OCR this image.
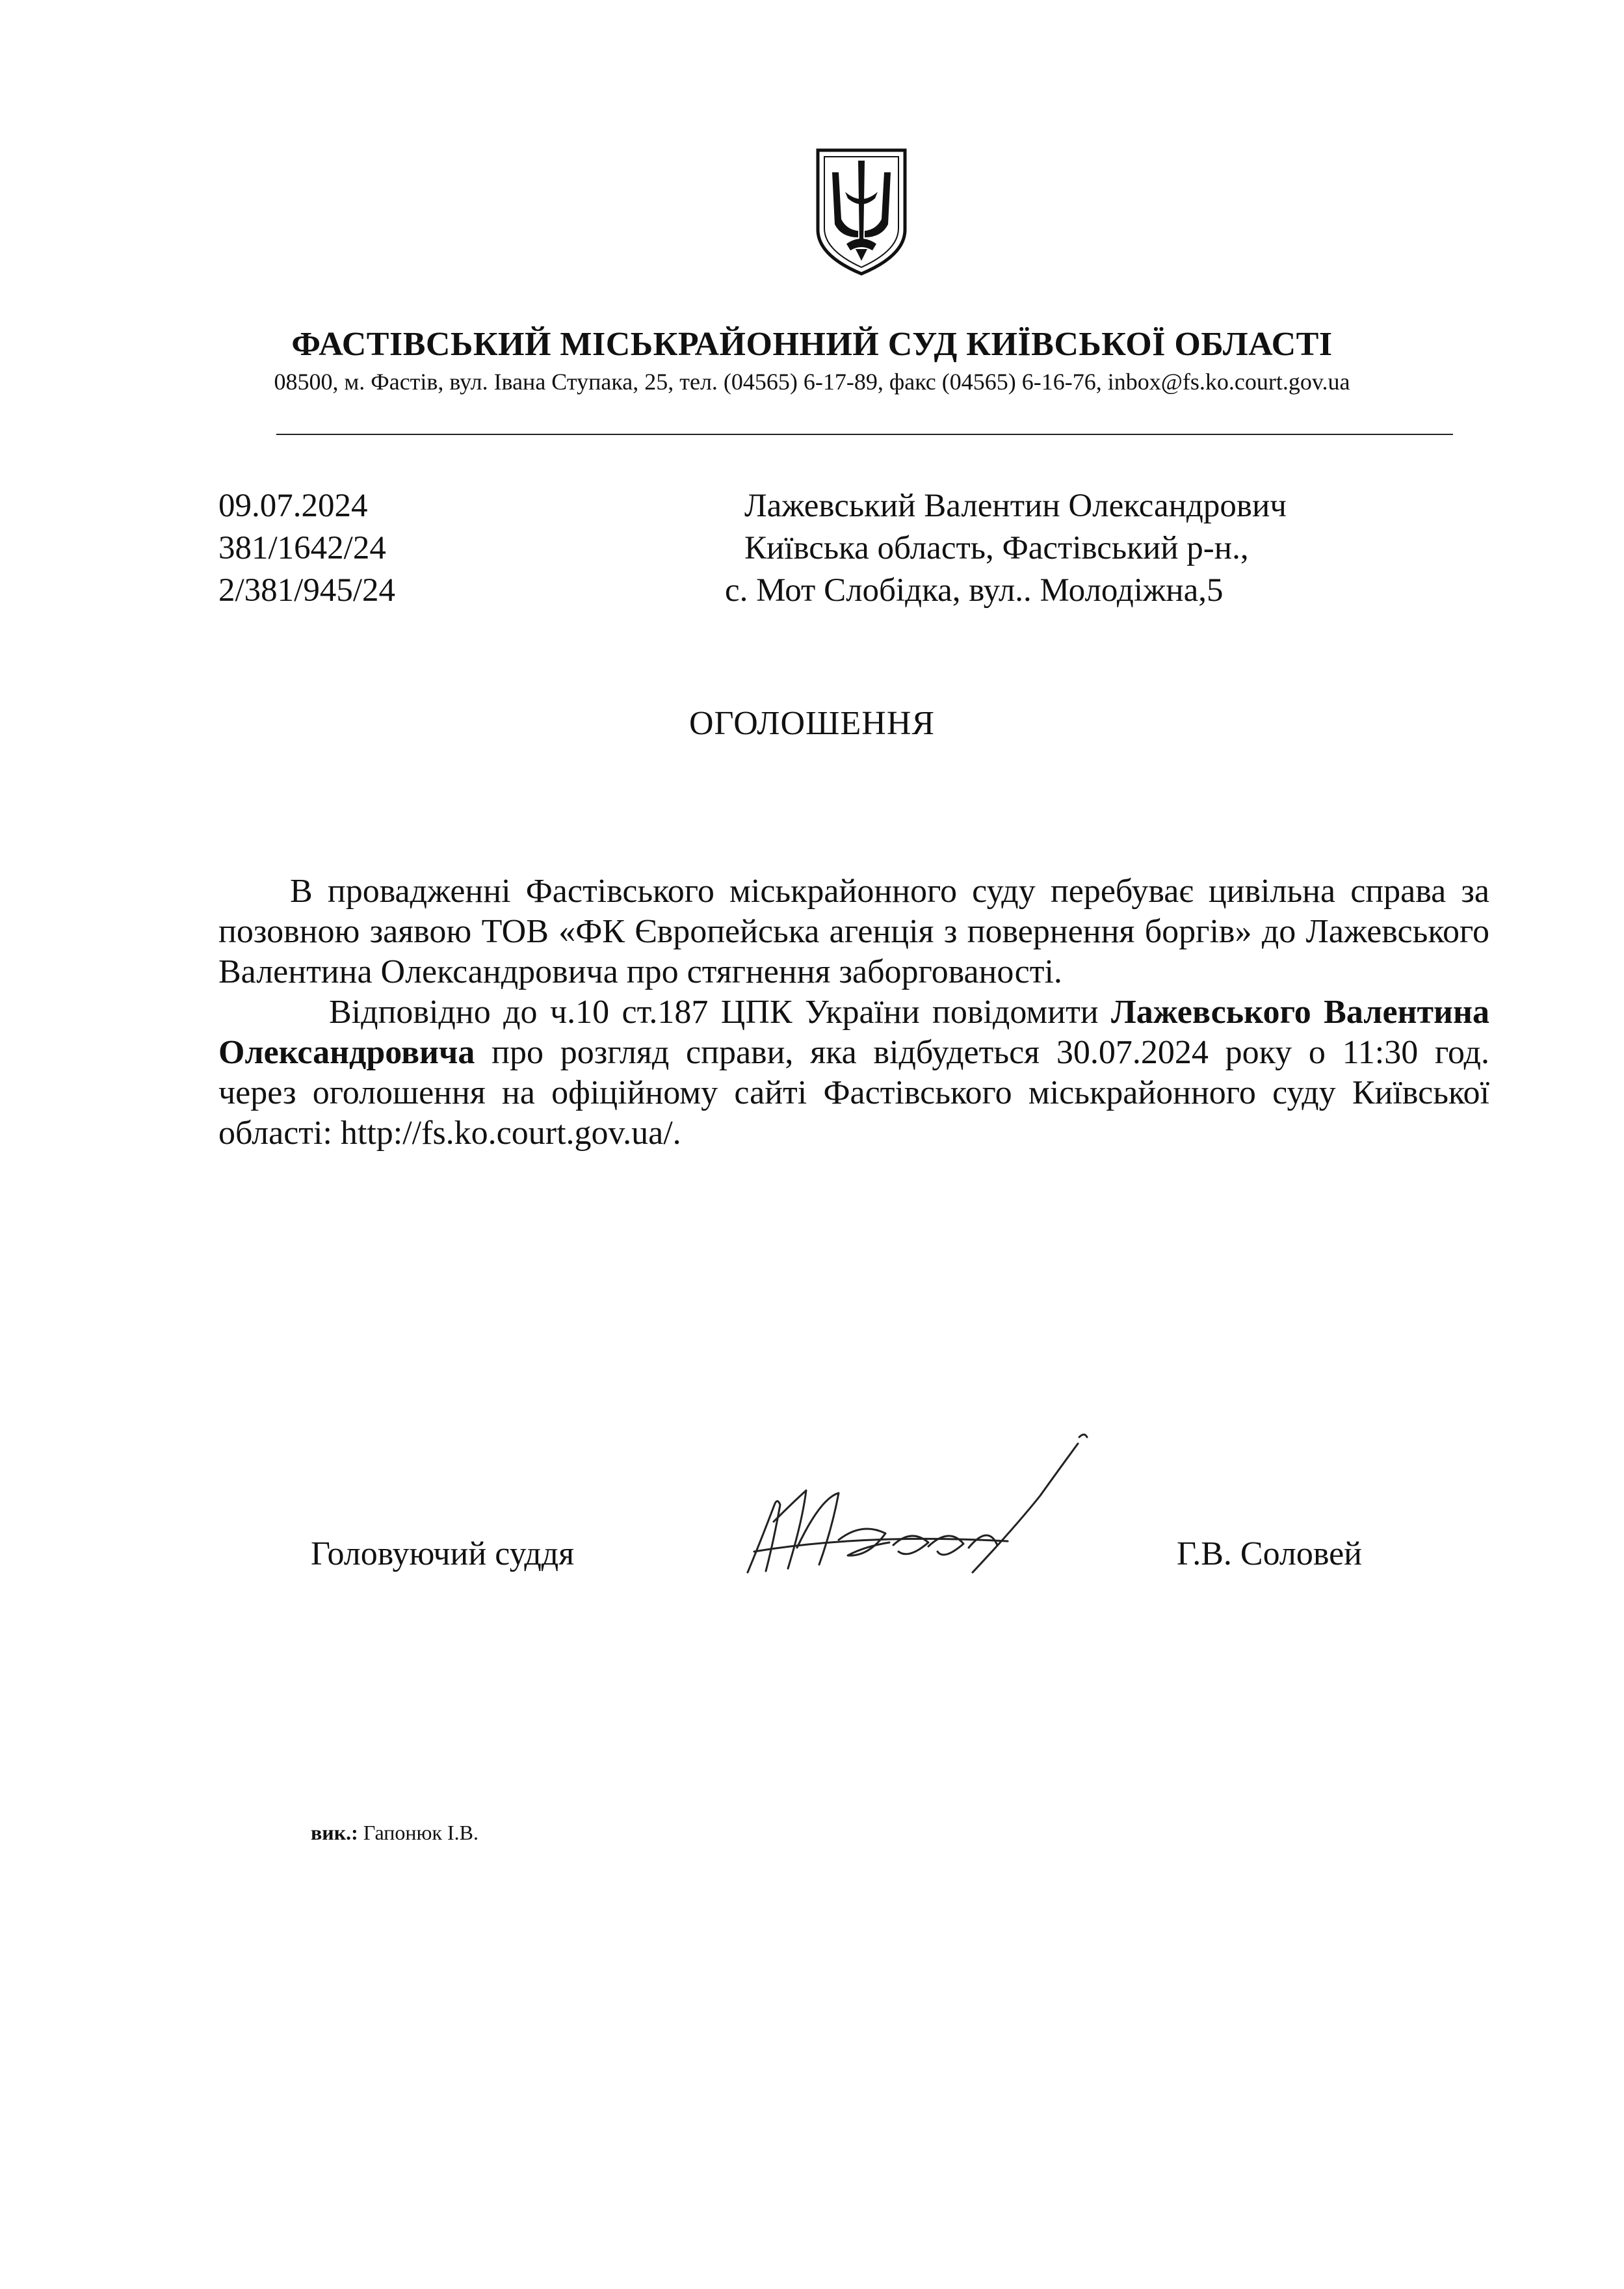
ФАСТІВСЬКИЙ МІСЬКРАЙОННИЙ СУД КИЇВСЬКОЇ ОБЛАСТІ
08500, м. Фастів, вул. Івана Ступака, 25, тел. (04565) 6-17-89, факс (04565) 6-16-76, inbox@fs.ko.court.gov.ua
09.07.2024
381/1642/24
2/381/945/24
Лажевський Валентин Олександрович
Київська область, Фастівський р-н.,
с. Мот Слобідка, вул.. Молодіжна,5
ОГОЛОШЕННЯ

В провадженні Фастівського міськрайонного суду перебуває цивільна справа за позовною заявою ТОВ «ФК Європейська агенція з повернення боргів» до Лажевського Валентина Олександровича про стягнення заборгованості.

Відповідно до ч.10 ст.187 ЦПК України повідомити Лажевського Валентина Олександровича про розгляд справи, яка відбудеться 30.07.2024 року о 11:30 год. через оголошення на офіційному сайті Фастівського міськрайонного суду Київської області: http://fs.ko.court.gov.ua/.

Головуючий суддя	Г.В. Соловей
вик.: Гапонюк І.В.
